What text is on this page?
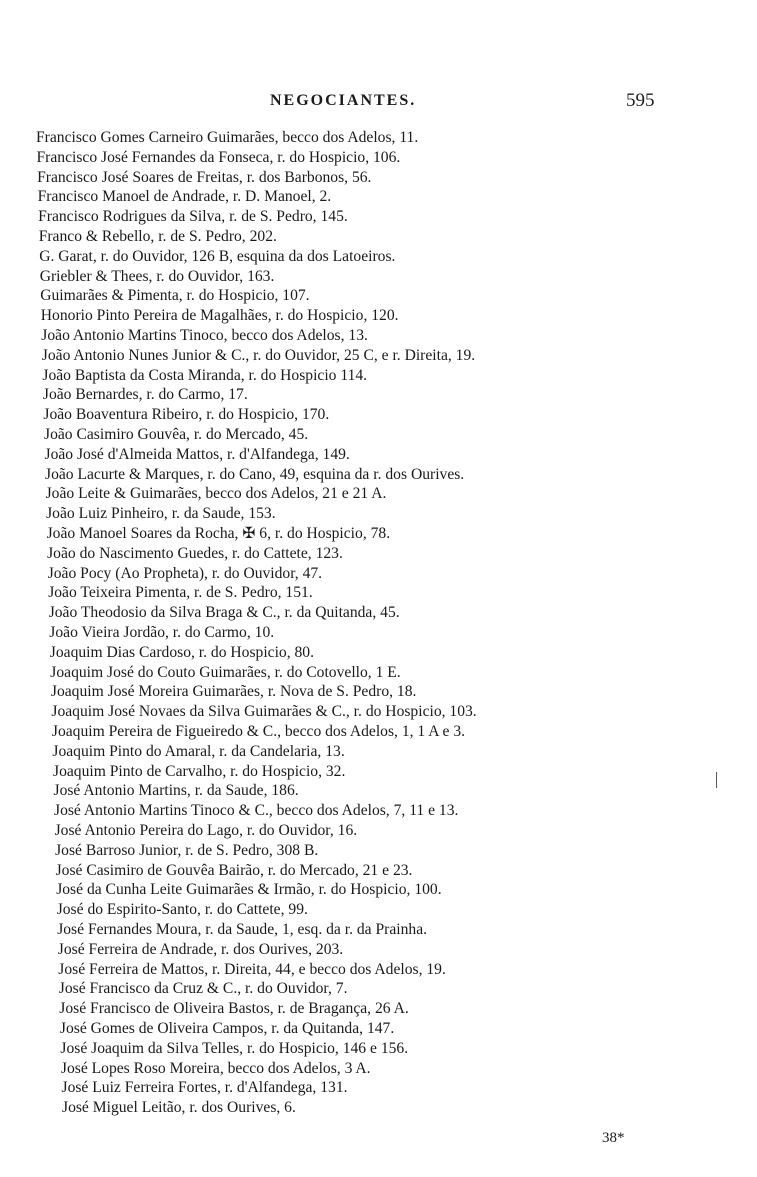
NEGOCIANTES.	595
Francisco Gomes Carneiro Guimarães, becco dos Adelos, 11.
Francisco José Fernandes da Fonseca, r. do Hospicio, 106.
Francisco José Soares de Freitas, r. dos Barbonos, 56.
Francisco Manoel de Andrade, r. D. Manoel, 2.
Francisco Rodrigues da Silva, r. de S. Pedro, 145.
Franco & Rebello, r. de S. Pedro, 202.
G. Garat, r. do Ouvidor, 126 B, esquina da dos Latoeiros.
Griebler & Thees, r. do Ouvidor, 163.
Guimarães & Pimenta, r. do Hospicio, 107.
Honorio Pinto Pereira de Magalhães, r. do Hospicio, 120.
João Antonio Martins Tinoco, becco dos Adelos, 13.
João Antonio Nunes Junior & C., r. do Ouvidor, 25 C, e r. Direita, 19.
João Baptista da Costa Miranda, r. do Hospicio 114.
João Bernardes, r. do Carmo, 17.
João Boaventura Ribeiro, r. do Hospicio, 170.
João Casimiro Gouvêa, r. do Mercado, 45.
João José d'Almeida Mattos, r. d'Alfandega, 149.
João Lacurte & Marques, r. do Cano, 49, esquina da r. dos Ourives.
João Leite & Guimarães, becco dos Adelos, 21 e 21 A.
João Luiz Pinheiro, r. da Saude, 153.
João Manoel Soares da Rocha, ✠ 6, r. do Hospicio, 78.
João do Nascimento Guedes, r. do Cattete, 123.
João Pocy (Ao Propheta), r. do Ouvidor, 47.
João Teixeira Pimenta, r. de S. Pedro, 151.
João Theodosio da Silva Braga & C., r. da Quitanda, 45.
João Vieira Jordão, r. do Carmo, 10.
Joaquim Dias Cardoso, r. do Hospicio, 80.
Joaquim José do Couto Guimarães, r. do Cotovello, 1 E.
Joaquim José Moreira Guimarães, r. Nova de S. Pedro, 18.
Joaquim José Novaes da Silva Guimarães & C., r. do Hospicio, 103.
Joaquim Pereira de Figueiredo & C., becco dos Adelos, 1, 1 A e 3.
Joaquim Pinto do Amaral, r. da Candelaria, 13.
Joaquim Pinto de Carvalho, r. do Hospicio, 32.
José Antonio Martins, r. da Saude, 186.
José Antonio Martins Tinoco & C., becco dos Adelos, 7, 11 e 13.
José Antonio Pereira do Lago, r. do Ouvidor, 16.
José Barroso Junior, r. de S. Pedro, 308 B.
José Casimiro de Gouvêa Bairão, r. do Mercado, 21 e 23.
José da Cunha Leite Guimarães & Irmão, r. do Hospicio, 100.
José do Espirito-Santo, r. do Cattete, 99.
José Fernandes Moura, r. da Saude, 1, esq. da r. da Prainha.
José Ferreira de Andrade, r. dos Ourives, 203.
José Ferreira de Mattos, r. Direita, 44, e becco dos Adelos, 19.
José Francisco da Cruz & C., r. do Ouvidor, 7.
José Francisco de Oliveira Bastos, r. de Bragança, 26 A.
José Gomes de Oliveira Campos, r. da Quitanda, 147.
José Joaquim da Silva Telles, r. do Hospicio, 146 e 156.
José Lopes Roso Moreira, becco dos Adelos, 3 A.
José Luiz Ferreira Fortes, r. d'Alfandega, 131.
José Miguel Leitão, r. dos Ourives, 6.
38*
